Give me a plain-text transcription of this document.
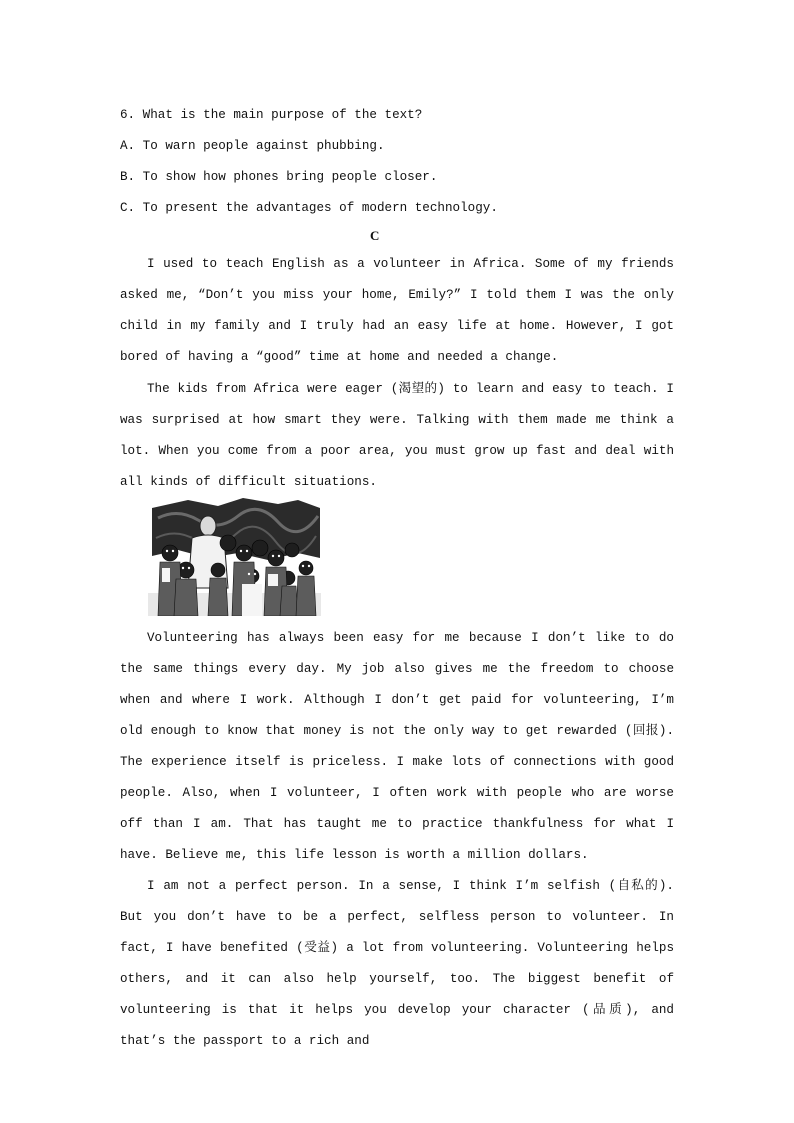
6. What is the main purpose of the text?
A. To warn people against phubbing.
B. To show how phones bring people closer.
C. To present the advantages of modern technology.
C
I used to teach English as a volunteer in Africa. Some of my friends asked me, “Don’t you miss your home, Emily?” I told them I was the only child in my family and I truly had an easy life at home. However, I got bored of having a “good” time at home and needed a change.
The kids from Africa were eager (渴望的) to learn and easy to teach. I was surprised at how smart they were. Talking with them made me think a lot. When you come from a poor area, you must grow up fast and deal with all kinds of difficult situations.
Volunteering has always been easy for me because I don’t like to do the same things every day. My job also gives me the freedom to choose when and where I work. Although I don’t get paid for volunteering, I’m old enough to know that money is not the only way to get rewarded (回报). The experience itself is priceless. I make lots of connections with good people. Also, when I volunteer, I often work with people who are worse off than I am. That has taught me to practice thankfulness for what I have. Believe me, this life lesson is worth a million dollars.
I am not a perfect person. In a sense, I think I’m selfish (自私的). But you don’t have to be a perfect, selfless person to volunteer. In fact, I have benefited (受益) a lot from volunteering. Volunteering helps others, and it can also help yourself, too. The biggest benefit of volunteering is that it helps you develop your character (品质), and that’s the passport to a rich and
